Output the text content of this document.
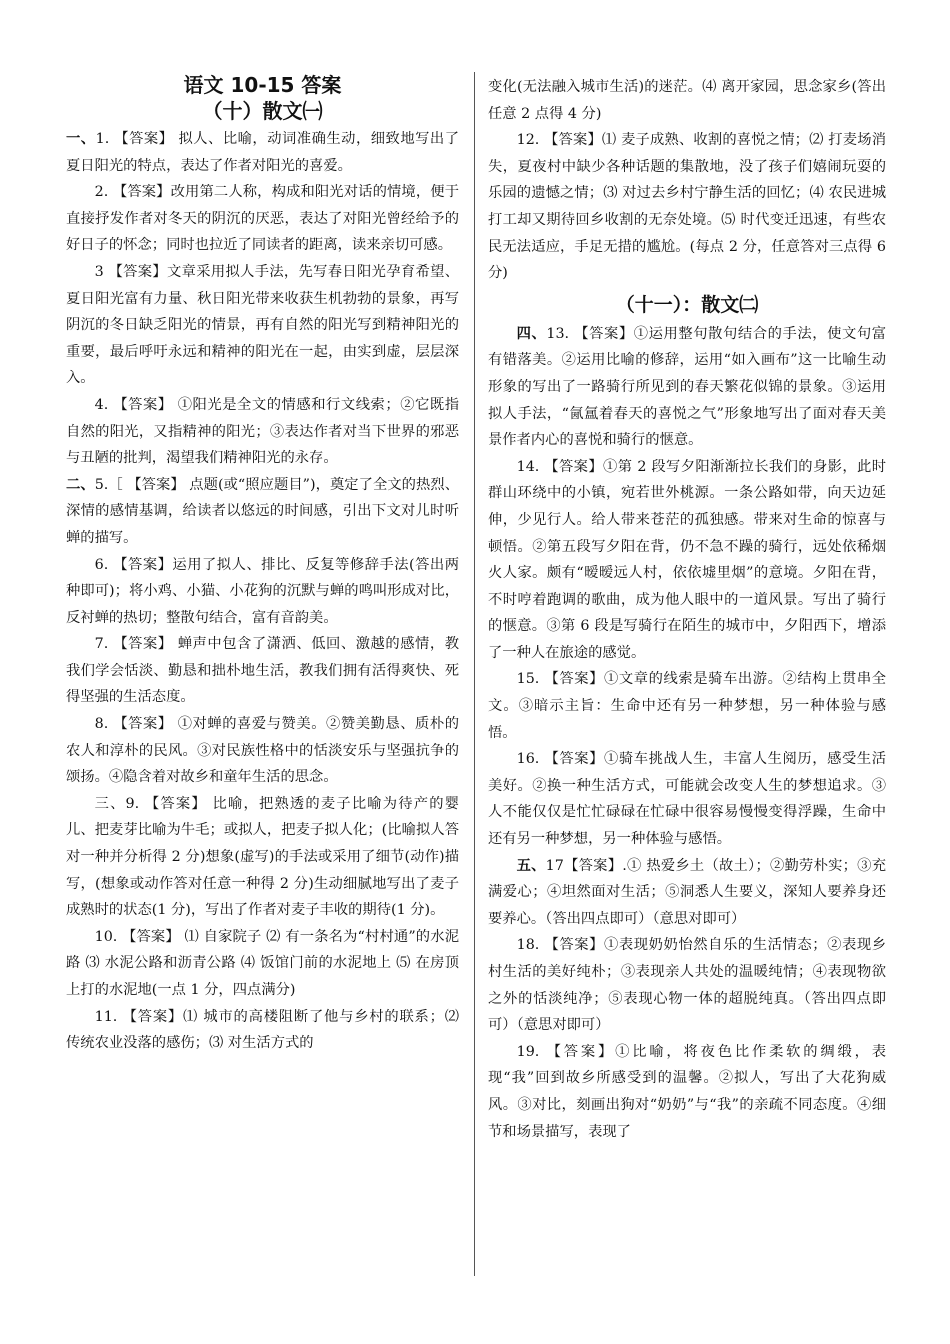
语文 10-15 答案
（十）散文㈠

一、1. 【答案】 拟人、比喻，动词准确生动，细致地写出了夏日阳光的特点，表达了作者对阳光的喜爱。

2. 【答案】改用第二人称，构成和阳光对话的情境，便于直接抒发作者对冬天的阴沉的厌恶，表达了对阳光曾经给予的好日子的怀念；同时也拉近了同读者的距离，读来亲切可感。

3 【答案】文章采用拟人手法，先写春日阳光孕育希望、夏日阳光富有力量、秋日阳光带来收获生机勃勃的景象，再写阴沉的冬日缺乏阳光的情景，再有自然的阳光写到精神阳光的重要，最后呼吁永远和精神的阳光在一起，由实到虚，层层深入。

4. 【答案】 ①阳光是全文的情感和行文线索；②它既指自然的阳光，又指精神的阳光；③表达作者对当下世界的邪恶与丑陋的批判，渴望我们精神阳光的永存。

二、5.［ 【答案】 点题(或“照应题目”)，奠定了全文的热烈、深情的感情基调，给读者以悠远的时间感，引出下文对儿时听蝉的描写。

6. 【答案】运用了拟人、排比、反复等修辞手法(答出两种即可)；将小鸡、小猫、小花狗的沉默与蝉的鸣叫形成对比，反衬蝉的热切；整散句结合，富有音韵美。

7. 【答案】 蝉声中包含了潇洒、低回、激越的感情，教我们学会恬淡、勤恳和拙朴地生活，教我们拥有活得爽快、死得坚强的生活态度。

8. 【答案】 ①对蝉的喜爱与赞美。②赞美勤恳、质朴的农人和淳朴的民风。③对民族性格中的恬淡安乐与坚强抗争的颂扬。④隐含着对故乡和童年生活的思念。

三、9. 【答案】 比喻，把熟透的麦子比喻为待产的婴儿、把麦芽比喻为牛毛；或拟人，把麦子拟人化；(比喻拟人答对一种并分析得 2 分)想象(虚写)的手法或采用了细节(动作)描写，(想象或动作答对任意一种得 2 分)生动细腻地写出了麦子成熟时的状态(1 分)，写出了作者对麦子丰收的期待(1 分)。

10. 【答案】 ⑴ 自家院子 ⑵ 有一条名为“村村通”的水泥路 ⑶ 水泥公路和沥青公路 ⑷ 饭馆门前的水泥地上 ⑸ 在房顶上打的水泥地(一点 1 分，四点满分)

11. 【答案】⑴ 城市的高楼阻断了他与乡村的联系；⑵ 传统农业没落的感伤；⑶ 对生活方式的

变化(无法融入城市生活)的迷茫。⑷ 离开家园，思念家乡(答出任意 2 点得 4 分)

12. 【答案】⑴ 麦子成熟、收割的喜悦之情；⑵ 打麦场消失，夏夜村中缺少各种话题的集散地，没了孩子们嬉闹玩耍的乐园的遗憾之情；⑶ 对过去乡村宁静生活的回忆；⑷ 农民进城打工却又期待回乡收割的无奈处境。⑸ 时代变迁迅速，有些农民无法适应，手足无措的尴尬。(每点 2 分，任意答对三点得 6 分)

（十一）：散文㈡

四、13. 【答案】①运用整句散句结合的手法，使文句富有错落美。②运用比喻的修辞，运用“如入画布”这一比喻生动形象的写出了一路骑行所见到的春天繁花似锦的景象。③运用拟人手法，“氤氲着春天的喜悦之气”形象地写出了面对春天美景作者内心的喜悦和骑行的惬意。

14. 【答案】①第 2 段写夕阳渐渐拉长我们的身影，此时群山环绕中的小镇，宛若世外桃源。一条公路如带，向天边延伸，少见行人。给人带来苍茫的孤独感。带来对生命的惊喜与顿悟。②第五段写夕阳在背，仍不急不躁的骑行，远处依稀烟火人家。颇有“暧暧远人村，依依墟里烟”的意境。夕阳在背，不时哼着跑调的歌曲，成为他人眼中的一道风景。写出了骑行的惬意。③第 6 段是写骑行在陌生的城市中，夕阳西下，增添了一种人在旅途的感觉。

15. 【答案】①文章的线索是骑车出游。②结构上贯串全文。③暗示主旨：生命中还有另一种梦想，另一种体验与感悟。

16. 【答案】①骑车挑战人生，丰富人生阅历，感受生活美好。②换一种生活方式，可能就会改变人生的梦想追求。③人不能仅仅是忙忙碌碌在忙碌中很容易慢慢变得浮躁，生命中还有另一种梦想，另一种体验与感悟。

五、17【答案】.① 热爱乡土（故土）；②勤劳朴实；③充满爱心；④坦然面对生活；⑤洞悉人生要义，深知人要养身还要养心。（答出四点即可）（意思对即可）

18. 【答案】①表现奶奶怡然自乐的生活情态；②表现乡村生活的美好纯朴；③表现亲人共处的温暖纯情；④表现物欲之外的恬淡纯净；⑤表现心物一体的超脱纯真。（答出四点即可）（意思对即可）

19. 【答案】①比喻，将夜色比作柔软的绸缎，表现“我”回到故乡所感受到的温馨。②拟人，写出了大花狗威风。③对比，刻画出狗对“奶奶”与“我”的亲疏不同态度。④细节和场景描写，表现了
